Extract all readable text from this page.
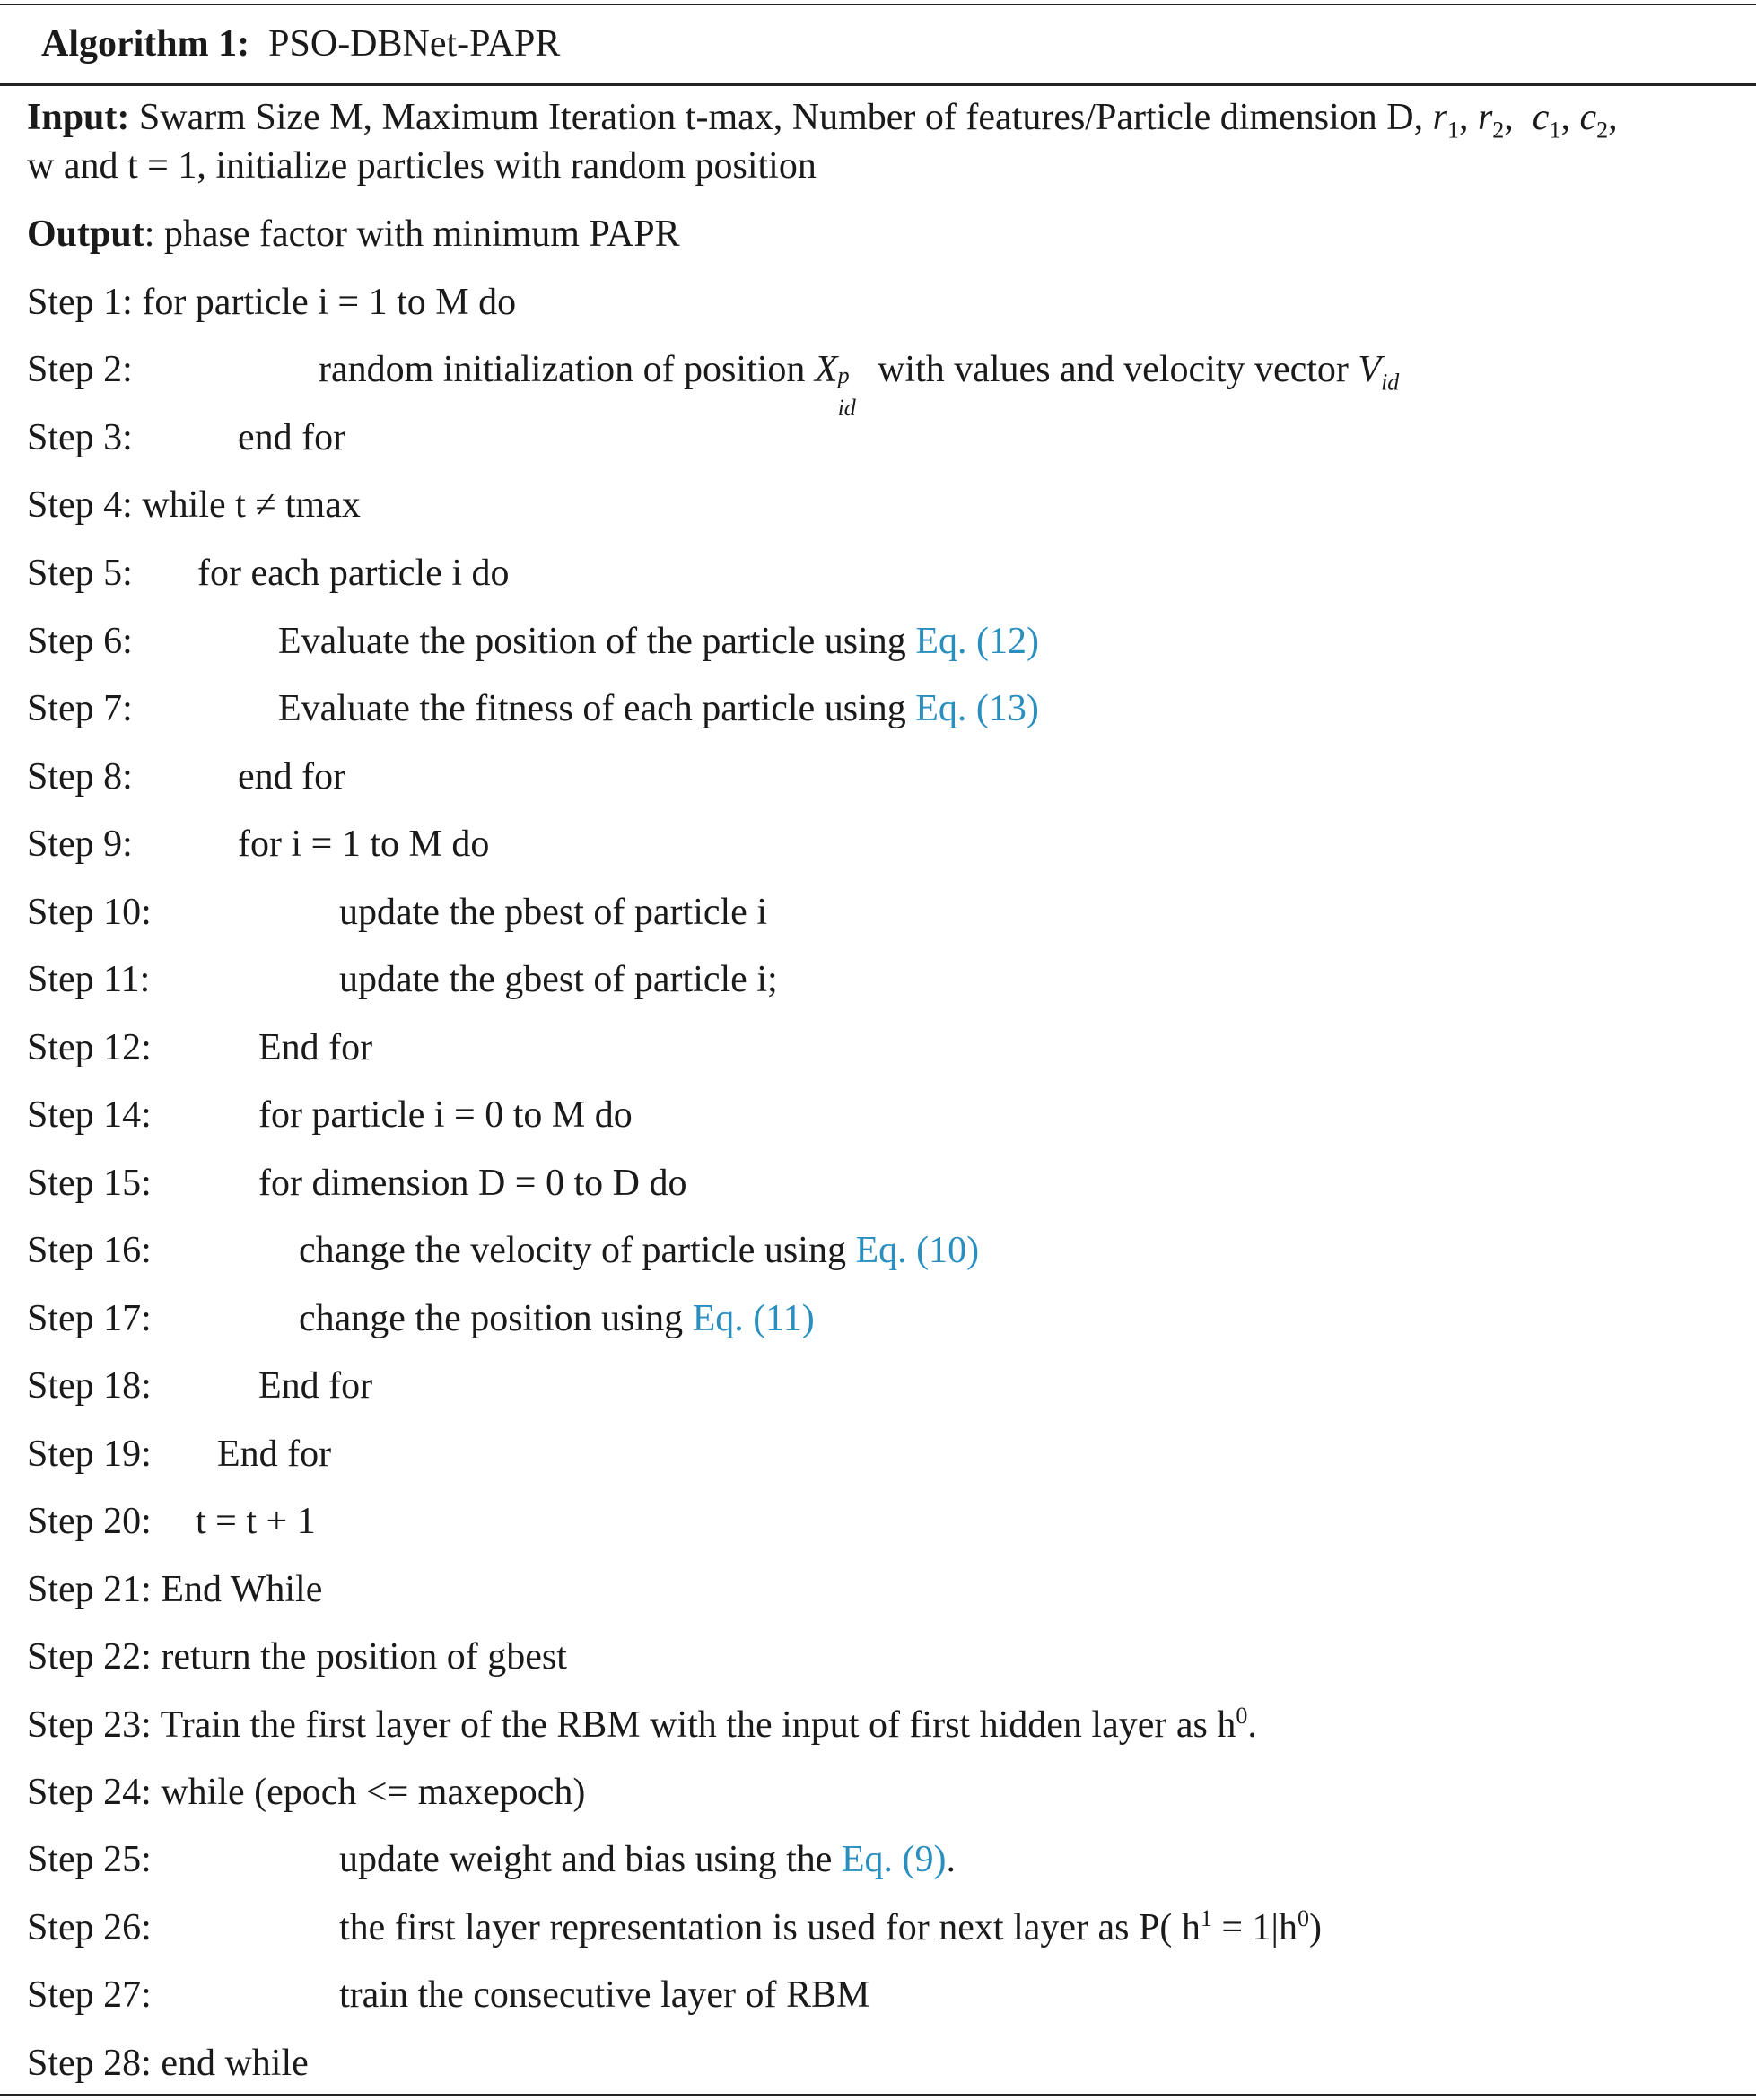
Algorithm 1: PSO-DBNet-PAPR
Input: Swarm Size M, Maximum Iteration t-max, Number of features/Particle dimension D, $r_1$, $r_2$,  $c_1$, $c_2$,
w and t = 1, initialize particles with random position
Output: phase factor with minimum PAPR
Step 1: for particle i = 1 to M do
Step 2:	random initialization of position X p
id
with values and velocity vector $V_{id}$
Step 3:	end for
Step 4: while t ≠ tmax
Step 5: for each particle i do
Step 6:	Evaluate the position of the particle using Eq. (12)
Step 7:	Evaluate the fitness of each particle using Eq. (13)
Step 8:	end for
Step 9:	for i = 1 to M do
Step 10:	update the pbest of particle i
Step 11:	update the gbest of particle i;
Step 12:	End for
Step 14:	for particle i = 0 to M do
Step 15:	for dimension D = 0 to D do
Step 16:	change the velocity of particle using Eq. (10)
Step 17:	change the position using Eq. (11)
Step 18:	End for
Step 19: End for
Step 20: t = t + 1
Step 21: End While
Step 22: return the position of gbest
Step 23: Train the first layer of the RBM with the input of first hidden layer as $h^0$.
Step 24: while (epoch <= maxepoch)
Step 25:	update weight and bias using the Eq. (9).
Step 26:	the first layer representation is used for next layer as P( $h^1 = 1|h^0$)
Step 27:	train the consecutive layer of RBM
Step 28: end while
